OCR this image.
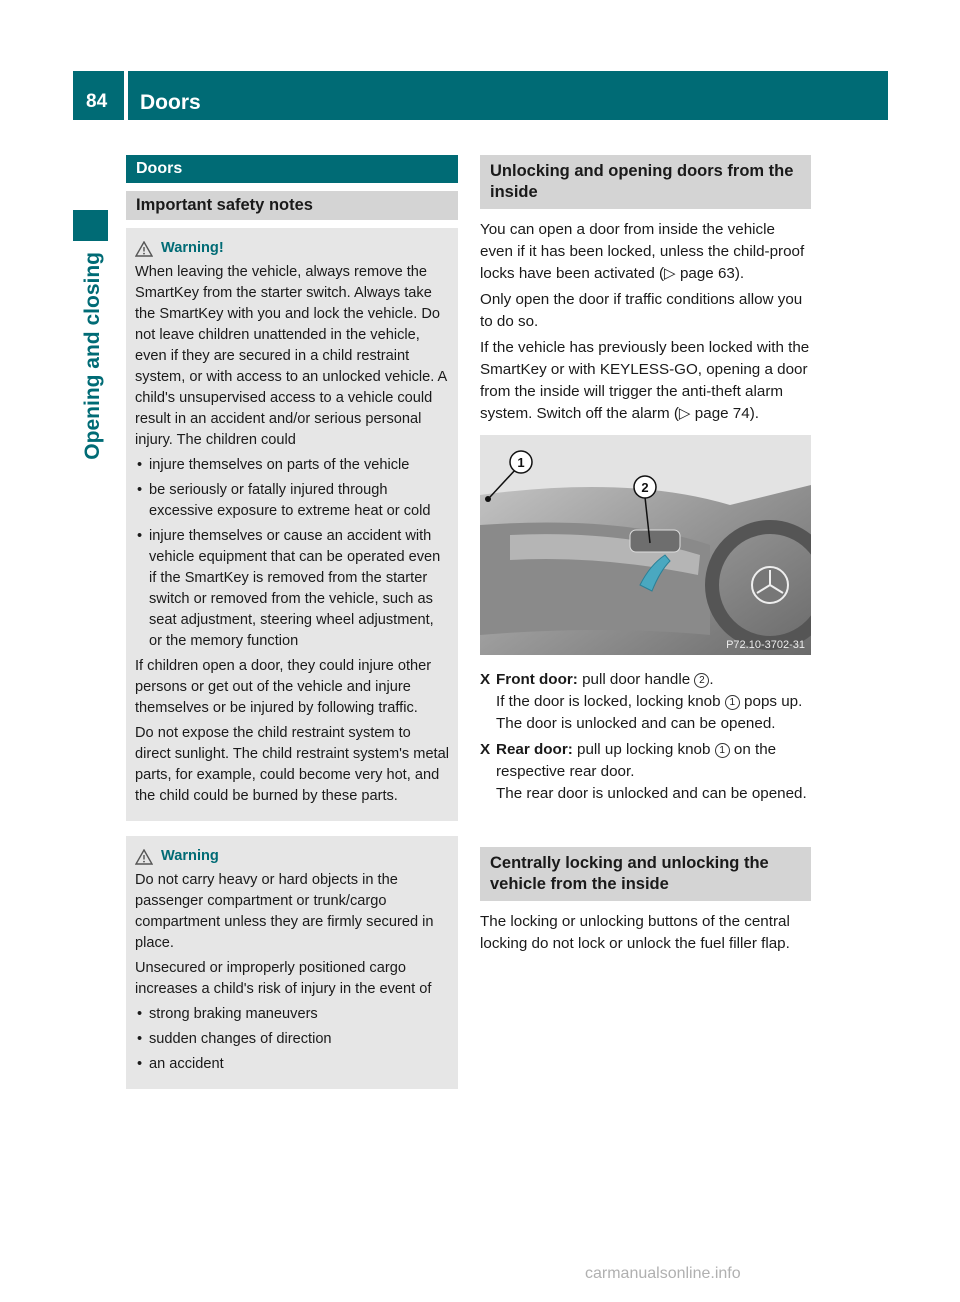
84 Doors
Opening and closing
Doors
Important safety notes
Warning!

When leaving the vehicle, always remove the SmartKey from the starter switch. Always take the SmartKey with you and lock the vehicle. Do not leave children unattended in the vehicle, even if they are secured in a child restraint system, or with access to an unlocked vehicle. A child's unsupervised access to a vehicle could result in an accident and/or serious personal injury. The children could

• injure themselves on parts of the vehicle
• be seriously or fatally injured through excessive exposure to extreme heat or cold
• injure themselves or cause an accident with vehicle equipment that can be operated even if the SmartKey is removed from the starter switch or removed from the vehicle, such as seat adjustment, steering wheel adjustment, or the memory function

If children open a door, they could injure other persons or get out of the vehicle and injure themselves or be injured by following traffic.

Do not expose the child restraint system to direct sunlight. The child restraint system's metal parts, for example, could become very hot, and the child could be burned by these parts.

Warning

Do not carry heavy or hard objects in the passenger compartment or trunk/cargo compartment unless they are firmly secured in place.

Unsecured or improperly positioned cargo increases a child's risk of injury in the event of

• strong braking maneuvers
• sudden changes of direction
• an accident
Unlocking and opening doors from the inside

You can open a door from inside the vehicle even if it has been locked, unless the child-proof locks have been activated (▷ page 63).

Only open the door if traffic conditions allow you to do so.

If the vehicle has previously been locked with the SmartKey or with KEYLESS-GO, opening a door from the inside will trigger the anti-theft alarm system. Switch off the alarm (▷ page 74).

1
2
P72.10-3702-31
X Front door: pull door handle 2 .
If the door is locked, locking knob 1 pops up. The door is unlocked and can be opened.
X Rear door: pull up locking knob 1 on the respective rear door.
The rear door is unlocked and can be opened.
Centrally locking and unlocking the vehicle from the inside

The locking or unlocking buttons of the central locking do not lock or unlock the fuel filler flap.

carmanualsonline.info
